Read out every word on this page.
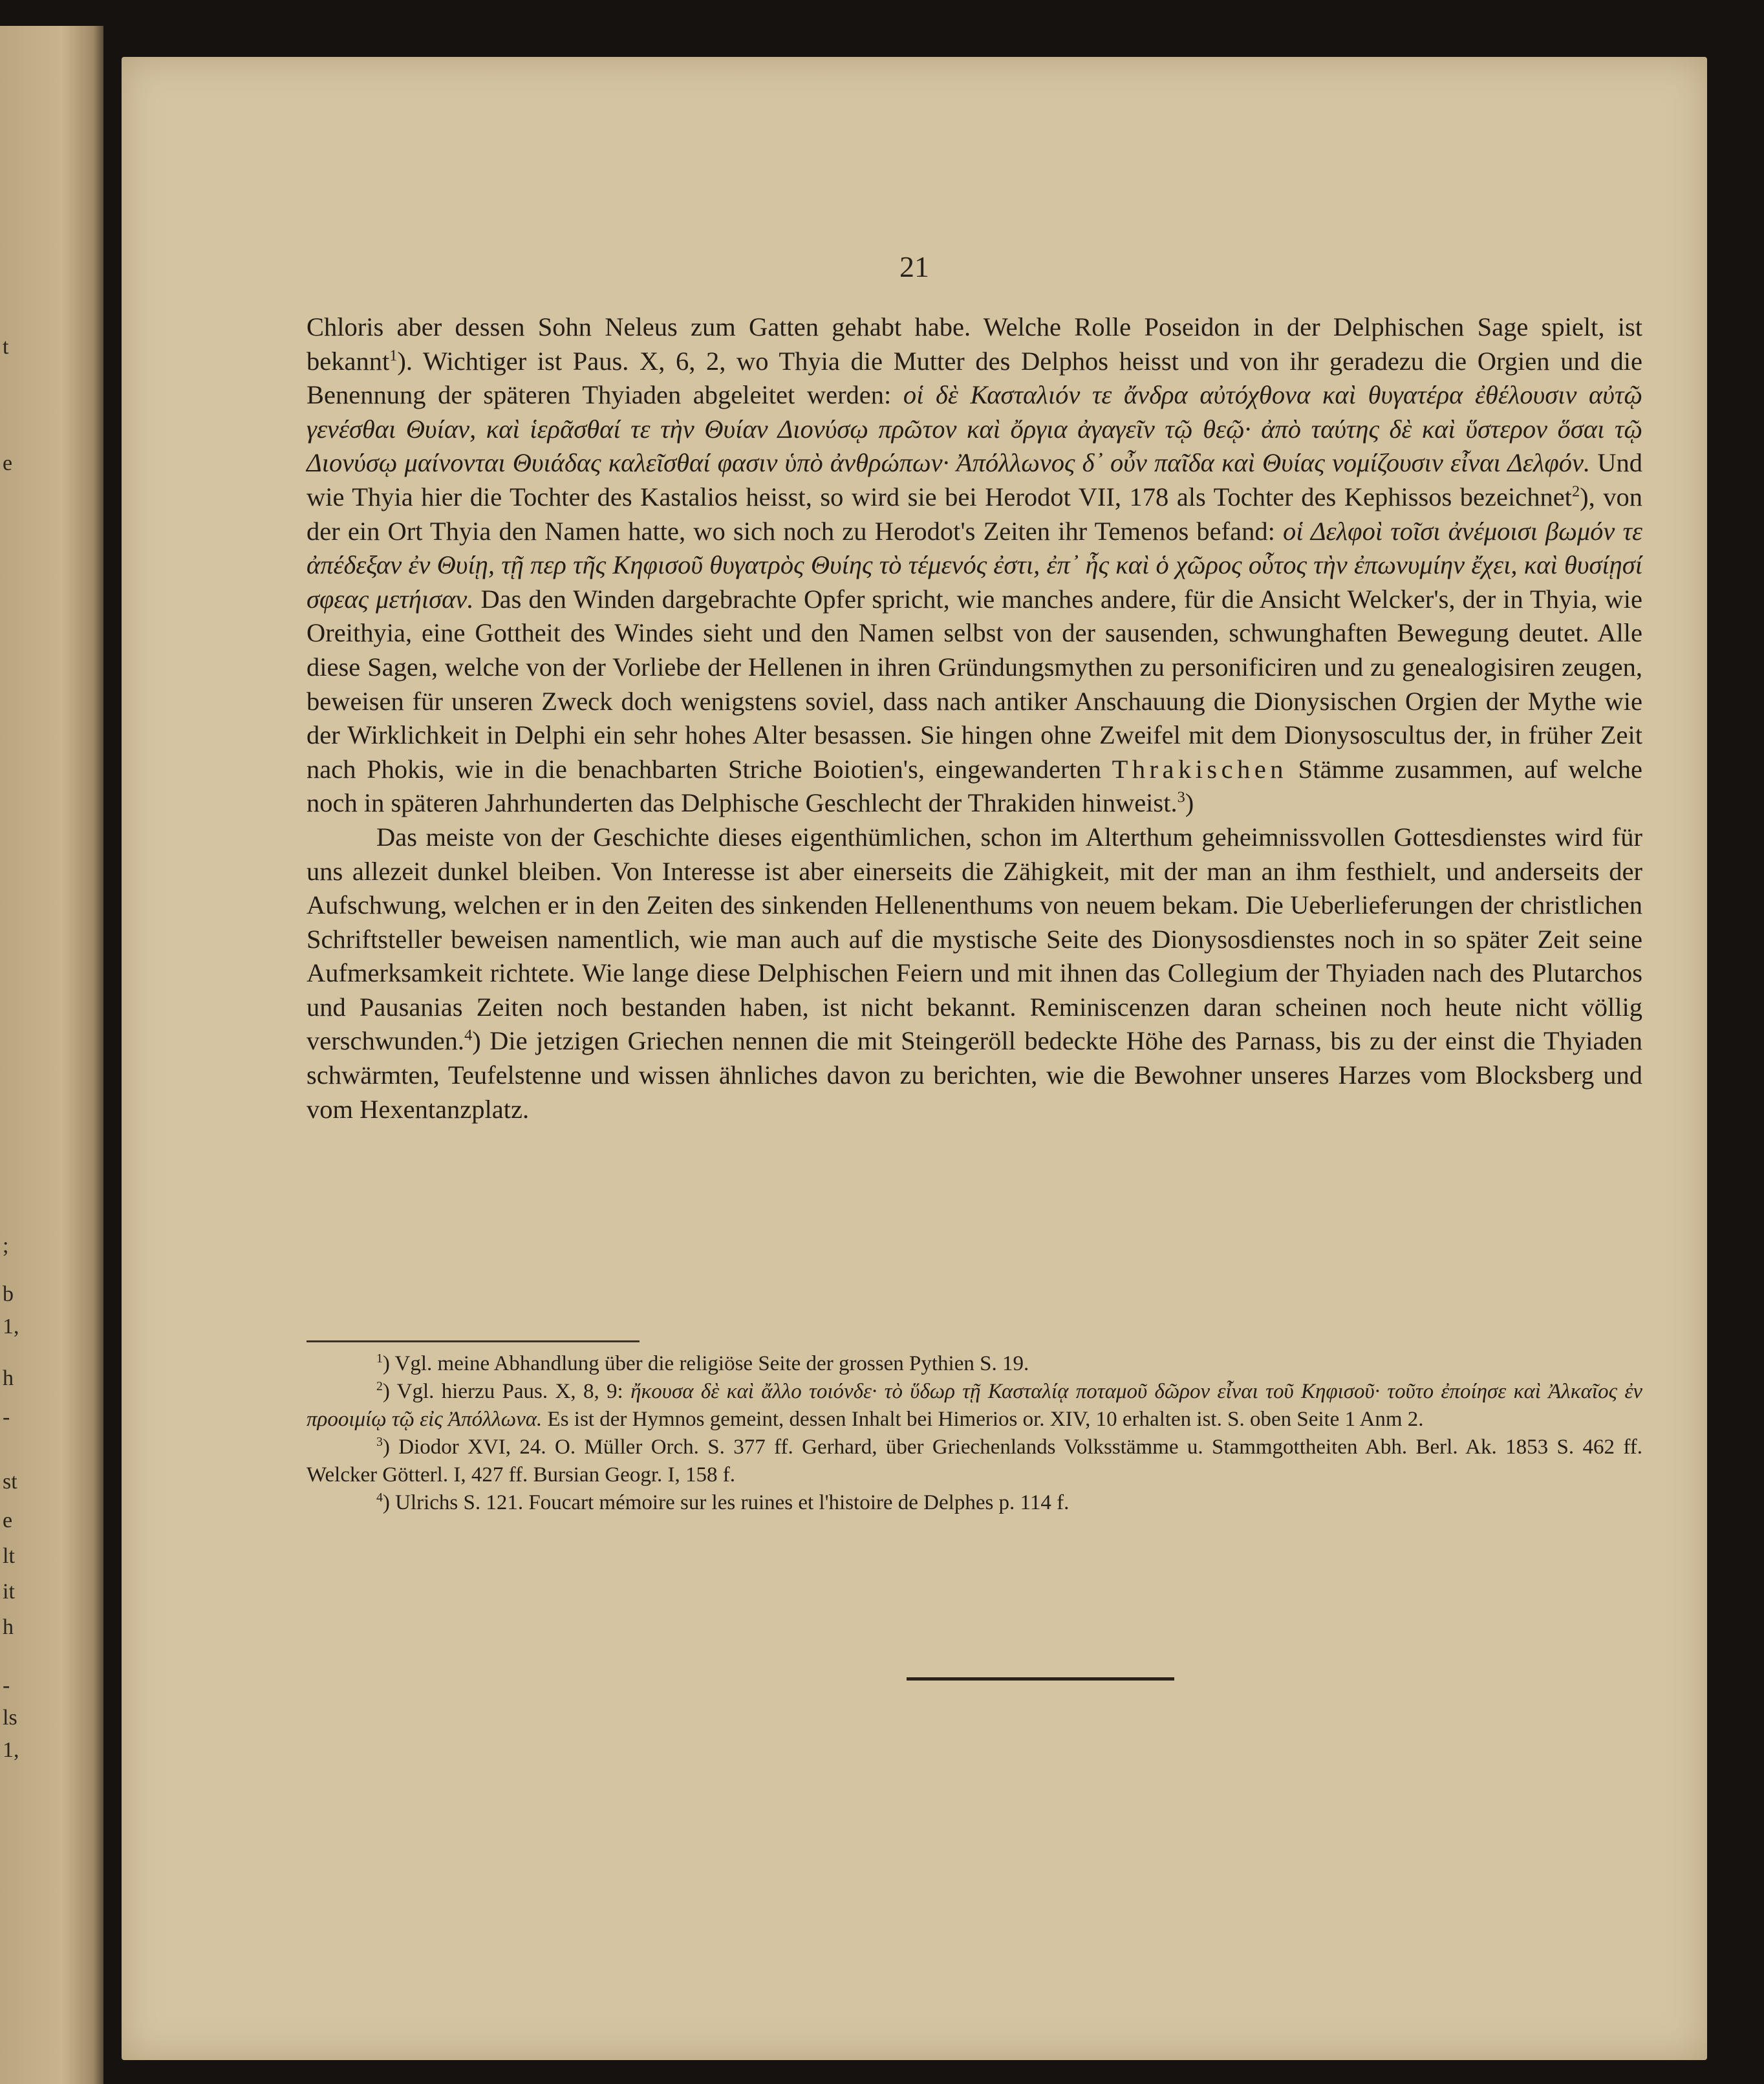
t
e
;
b
1,
h
-
st
e
lt
it
h
-
ls
1,
21

Chloris aber dessen Sohn Neleus zum Gatten gehabt habe. Welche Rolle Poseidon in der Delphischen Sage spielt, ist bekannt$^1$). Wichtiger ist Paus. X, 6, 2, wo Thyia die Mutter des Delphos heisst und von ihr geradezu die Orgien und die Benennung der späteren Thyiaden abgeleitet werden: οἱ δὲ Κασταλιόν τε ἄνδρα αὐτόχθονα καὶ θυγατέρα ἐθέλουσιν αὐτῷ γενέσθαι Θυίαν, καὶ ἱερᾶσθαί τε τὴν Θυίαν Διονύσῳ πρῶτον καὶ ὄργια ἀγαγεῖν τῷ θεῷ· ἀπὸ ταύτης δὲ καὶ ὕστερον ὅσαι τῷ Διονύσῳ μαίνονται Θυιάδας καλεῖσθαί φασιν ὑπὸ ἀνθρώπων· Ἀπόλλωνος δ᾽ οὖν παῖδα καὶ Θυίας νομίζουσιν εἶναι Δελφόν. Und wie Thyia hier die Tochter des Kastalios heisst, so wird sie bei Herodot VII, 178 als Tochter des Kephissos bezeichnet$^2$), von der ein Ort Thyia den Namen hatte, wo sich noch zu Herodot's Zeiten ihr Temenos befand: οἱ Δελφοὶ τοῖσι ἀνέμοισι βωμόν τε ἀπέδεξαν ἐν Θυίῃ, τῇ περ τῆς Κηφισοῦ θυγατρὸς Θυίης τὸ τέμενός ἐστι, ἐπ᾽ ἧς καὶ ὁ χῶρος οὗτος τὴν ἐπωνυμίην ἔχει, καὶ θυσίῃσί σφεας μετήισαν. Das den Winden dargebrachte Opfer spricht, wie manches andere, für die Ansicht Welcker's, der in Thyia, wie Oreithyia, eine Gottheit des Windes sieht und den Namen selbst von der sausenden, schwunghaften Bewegung deutet. Alle diese Sagen, welche von der Vorliebe der Hellenen in ihren Gründungsmythen zu personificiren und zu genealogisiren zeugen, beweisen für unseren Zweck doch wenigstens soviel, dass nach antiker Anschauung die Dionysischen Orgien der Mythe wie der Wirklichkeit in Delphi ein sehr hohes Alter besassen. Sie hingen ohne Zweifel mit dem Dionysoscultus der, in früher Zeit nach Phokis, wie in die benachbarten Striche Boiotien's, eingewanderten Thrakischen Stämme zusammen, auf welche noch in späteren Jahrhunderten das Delphische Geschlecht der Thrakiden hinweist.$^3$)

Das meiste von der Geschichte dieses eigenthümlichen, schon im Alterthum geheimnissvollen Gottesdienstes wird für uns allezeit dunkel bleiben. Von Interesse ist aber einerseits die Zähigkeit, mit der man an ihm festhielt, und anderseits der Aufschwung, welchen er in den Zeiten des sinkenden Hellenenthums von neuem bekam. Die Ueberlieferungen der christlichen Schriftsteller beweisen namentlich, wie man auch auf die mystische Seite des Dionysosdienstes noch in so später Zeit seine Aufmerksamkeit richtete. Wie lange diese Delphischen Feiern und mit ihnen das Collegium der Thyiaden nach des Plutarchos und Pausanias Zeiten noch bestanden haben, ist nicht bekannt. Reminiscenzen daran scheinen noch heute nicht völlig verschwunden.$^4$) Die jetzigen Griechen nennen die mit Steingeröll bedeckte Höhe des Parnass, bis zu der einst die Thyiaden schwärmten, Teufelstenne und wissen ähnliches davon zu berichten, wie die Bewohner unseres Harzes vom Blocksberg und vom Hexentanzplatz.

$^1$) Vgl. meine Abhandlung über die religiöse Seite der grossen Pythien S. 19.

$^2$) Vgl. hierzu Paus. X, 8, 9: ἤκουσα δὲ καὶ ἄλλο τοιόνδε· τὸ ὕδωρ τῇ Κασταλίᾳ ποταμοῦ δῶρον εἶναι τοῦ Κηφισοῦ· τοῦτο ἐποίησε καὶ Ἀλκαῖος ἐν προοιμίῳ τῷ εἰς Ἀπόλλωνα. Es ist der Hymnos gemeint, dessen Inhalt bei Himerios or. XIV, 10 erhalten ist. S. oben Seite 1 Anm 2.

$^3$) Diodor XVI, 24. O. Müller Orch. S. 377 ff. Gerhard, über Griechenlands Volksstämme u. Stammgottheiten Abh. Berl. Ak. 1853 S. 462 ff. Welcker Götterl. I, 427 ff. Bursian Geogr. I, 158 f.

$^4$) Ulrichs S. 121. Foucart mémoire sur les ruines et l'histoire de Delphes p. 114 f.
